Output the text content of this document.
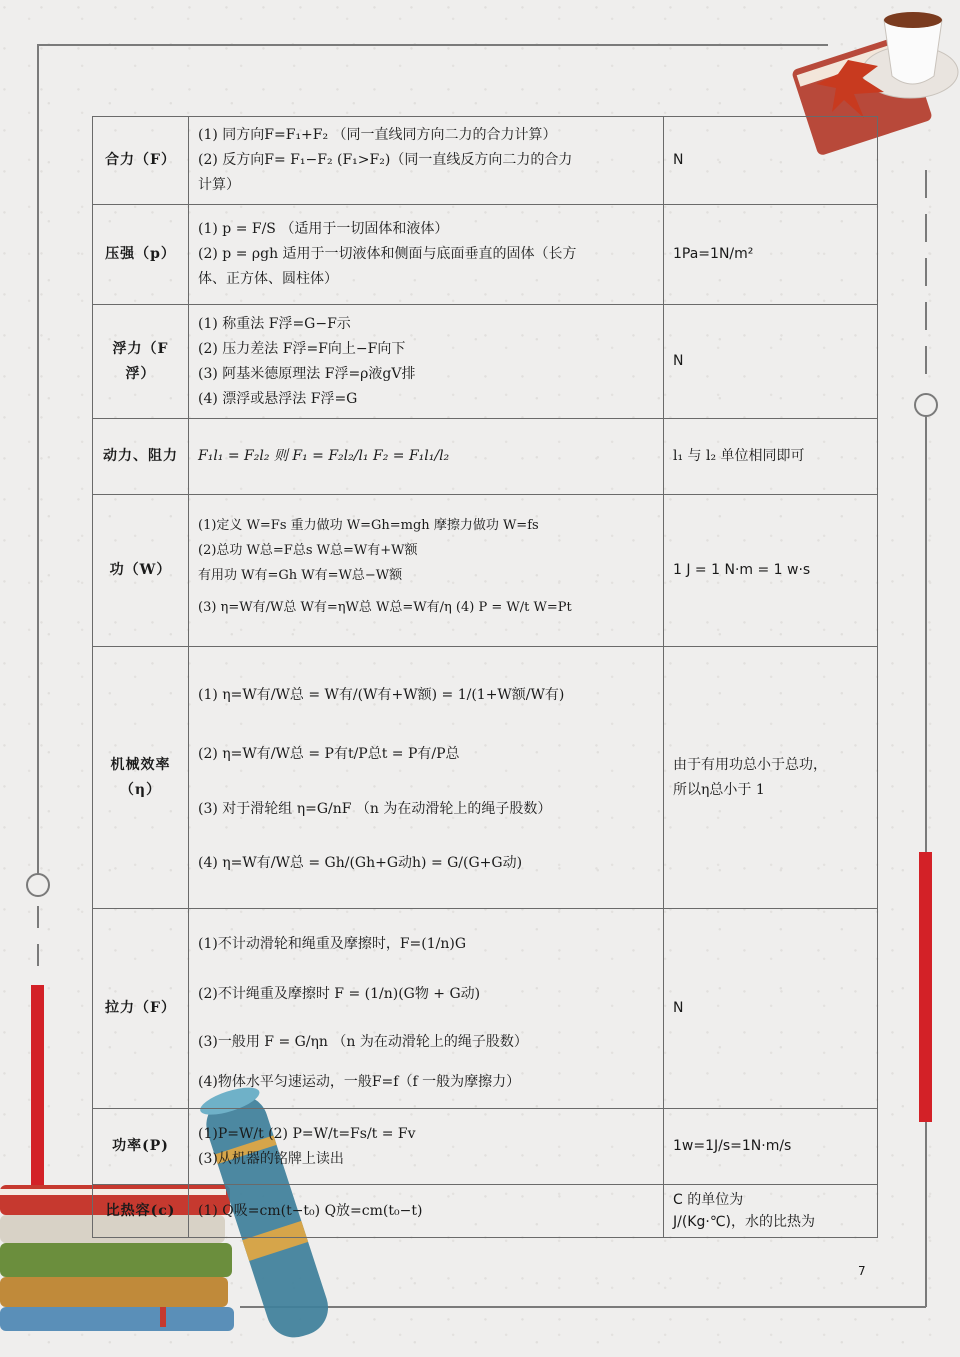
合力（F）	(1) 同方向F=F₁+F₂ （同一直线同方向二力的合力计算）
(2) 反方向F= F₁−F₂ (F₁>F₂)（同一直线反方向二力的合力
计算）	N
压强（p）	(1) p = F/S （适用于一切固体和液体）
(2) p = ρgh 适用于一切液体和侧面与底面垂直的固体（长方
体、正方体、圆柱体）	1Pa=1N/m²
浮力（F浮）	(1) 称重法 F浮=G−F示
(2) 压力差法 F浮=F向上−F向下
(3) 阿基米德原理法 F浮=ρ液gV排
(4) 漂浮或悬浮法 F浮=G	N
动力、阻力	F₁l₁ = F₂l₂ 则 F₁ = F₂l₂/l₁ F₂ = F₁l₁/l₂	l₁ 与 l₂ 单位相同即可
功（W）	(1)定义 W=Fs 重力做功 W=Gh=mgh 摩擦力做功 W=fs
(2)总功 W总=F总s W总=W有+W额
有用功 W有=Gh W有=W总−W额
(3) η=W有/W总 W有=ηW总 W总=W有/η (4) P = W/t W=Pt	1 J = 1 N·m = 1 w·s
机械效率
（η）	(1) η=W有/W总 = W有/(W有+W额) = 1/(1+W额/W有)
(2) η=W有/W总 = P有t/P总t = P有/P总
(3) 对于滑轮组 η=G/nF （n 为在动滑轮上的绳子股数）
(4) η=W有/W总 = Gh/(Gh+G动h) = G/(G+G动)	由于有用功总小于总功，
所以η总小于 1
拉力（F）	(1)不计动滑轮和绳重及摩擦时，F=(1/n)G
(2)不计绳重及摩擦时 F = (1/n)(G物 + G动)
(3)一般用 F = G/ηn （n 为在动滑轮上的绳子股数）
(4)物体水平匀速运动，一般F=f（f 一般为摩擦力）	N
功率(P)	(1)P=W/t (2) P=W/t=Fs/t = Fv
(3)从机器的铭牌上读出	1w=1J/s=1N·m/s
比热容(c)	(1) Q吸=cm(t−t₀) Q放=cm(t₀−t)	C 的单位为
J/(Kg·℃)，水的比热为
7
